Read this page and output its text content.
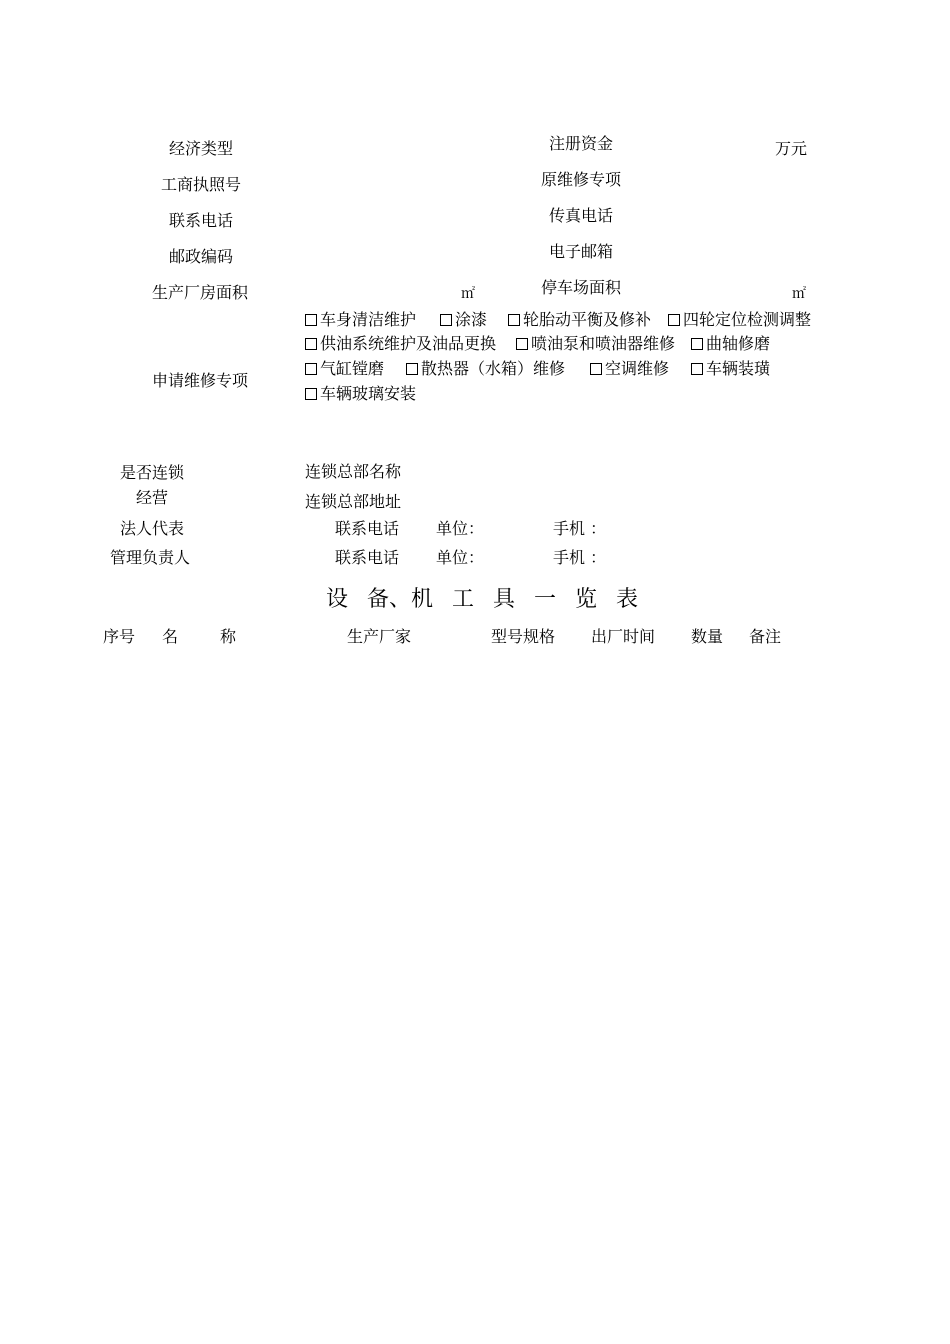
经济类型	注册资金	万元
工商执照号	原维修专项
联系电话	传真电话
邮政编码	电子邮箱
生产厂房面积	㎡	停车场面积	㎡
申请维修专项
车身清洁维护	涂漆	轮胎动平衡及修补	四轮定位检测调整
供油系统维护及油品更换	喷油泵和喷油器维修	曲轴修磨
气缸镗磨	散热器（水箱）维修	空调维修	车辆装璜
车辆玻璃安装
是否连锁
经营
连锁总部名称
连锁总部地址
法人代表	联系电话 单位：	手机 ：
管理负责人	联系电话 单位：	手机 ：
设 备、机 工 具 一 览 表
序号 名	称	生产厂家	型号规格 出厂时间 数量 备注
